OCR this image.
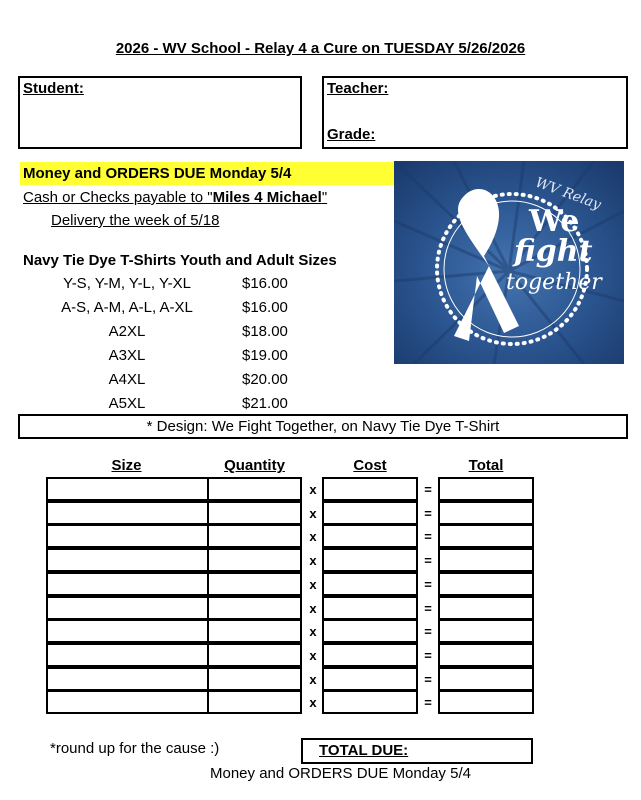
2026 - WV School - Relay 4 a Cure on TUESDAY 5/26/2026
Student:	Teacher:
Grade:
Money and ORDERS DUE Monday 5/4
Cash or Checks payable to "Miles 4 Michael"
Delivery the week of 5/18
Navy Tie Dye T-Shirts Youth and Adult Sizes
Y-S, Y-M, Y-L, Y-XL	$16.00
A-S, A-M, A-L, A-XL	$16.00
A2XL	$18.00
A3XL	$19.00
A4XL	$20.00
A5XL	$21.00
We
fight
together
WV Relay
* Design: We Fight Together, on Navy Tie Dye T-Shirt
Size	Quantity	Cost	Total
x	=
x	=
x	=
x	=
x	=
x	=
x	=
x	=
x	=
x	=
*round up for the cause :)	TOTAL DUE:
Money and ORDERS DUE Monday 5/4
